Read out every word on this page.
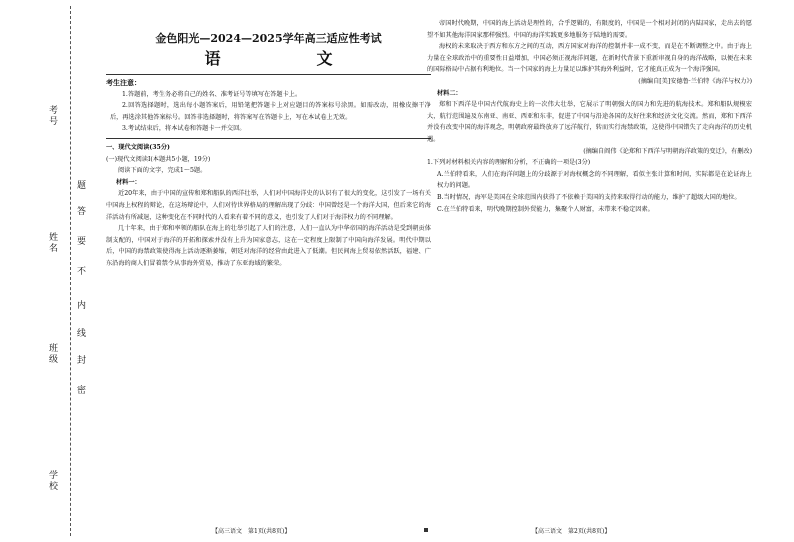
考号
姓名
班级
学校
题
答
要
不
内
线
封
密
金色阳光—2024—2025学年高三适应性考试
语　文
考生注意：

1.答题前，考生务必将自己的姓名、准考证号等填写在答题卡上。

2.回答选择题时，选出每小题答案后，用铅笔把答题卡上对应题目的答案标号涂黑。如需改动，用橡皮擦干净后，再选涂其他答案标号。回答非选择题时，将答案写在答题卡上，写在本试卷上无效。

3.考试结束后，将本试卷和答题卡一并交回。

一、现代文阅读(35分)
(一)现代文阅读Ⅰ(本题共5小题，19分)

阅读下面的文字，完成1～5题。

材料一：

近20年来，由于中国的宣传和郑和船队的西洋壮举，人们对中国海洋史的认识有了很大的变化，这引发了一场有关中国海上权程的辩论，在这场辩论中，人们对待世界格局的理解出现了分歧：中国曾经是一个海洋大国，但后来它的海洋活动有所减退，这种变化在不同时代的人看来有着不同的意义，也引发了人们对于海洋权力的不同理解。

几十年来，由于郑和率领的船队在海上的壮举引起了人们的注意，人们一直认为中华帝国的海洋活动是受到朝贡体制支配的，中国对于海洋的开拓和探索并没有上升为国家意志，这在一定程度上限制了中国向海洋发展。明代中期以后，中国的海禁政策使得海上活动逐渐萎缩，朝廷对海洋的经营由此进入了低潮。但民间海上贸易依然活跃，福建、广东沿海的商人们冒着禁令从事海外贸易，推动了东亚海域的繁荣。

帝国时代晚期，中国的海上活动是理性的，合乎逻辑的，有限度的，中国是一个相对封闭的内陆国家，走出去的愿望不如其他海洋国家那样强烈。中国的海洋实践更多地服务于陆地的需要。

海权的未来取决于西方和东方之间的互动，西方国家对海洋的控制并非一成不变，而是在不断调整之中。由于海上力量在全球政治中的重要性日益增加，中国必须正视海洋问题，在新时代背景下重新审视自身的海洋战略，以便在未来的国际格局中占据有利地位。当一个国家的海上力量足以维护其海外利益时，它才能真正成为一个海洋强国。

(摘编自[美]安德鲁·兰伯特《海洋与权力》)

材料二：

郑和下西洋是中国古代航海史上的一次伟大壮举，它展示了明朝强大的国力和先进的航海技术。郑和船队规模宏大，航行范围遍及东南亚、南亚、西亚和东非，促进了中国与沿途各国的友好往来和经济文化交流。然而，郑和下西洋并没有改变中国的海洋观念，明朝政府最终放弃了远洋航行，转而实行海禁政策，这使得中国错失了走向海洋的历史机遇。

(摘编自阎伟《论郑和下西洋与明朝海洋政策的变迁》，有删改)

1.下列对材料相关内容的理解和分析，不正确的一项是(3分)

A.兰伯特看来，人们在海洋问题上的分歧源于对海权概念的不同理解，看似主张计算和时间，实际都是在论证海上权力的问题。

B.当时情况，海军是美国在全球范围内获得了不依赖于美国的支持来取得行动的能力，维护了超级大国的地位。

C.在兰伯特看来，明代晚期控制外贸能力，集聚个人财富，未带来不稳定因素。

【高三语文　第1页(共8页)】	【高三语文　第2页(共8页)】
